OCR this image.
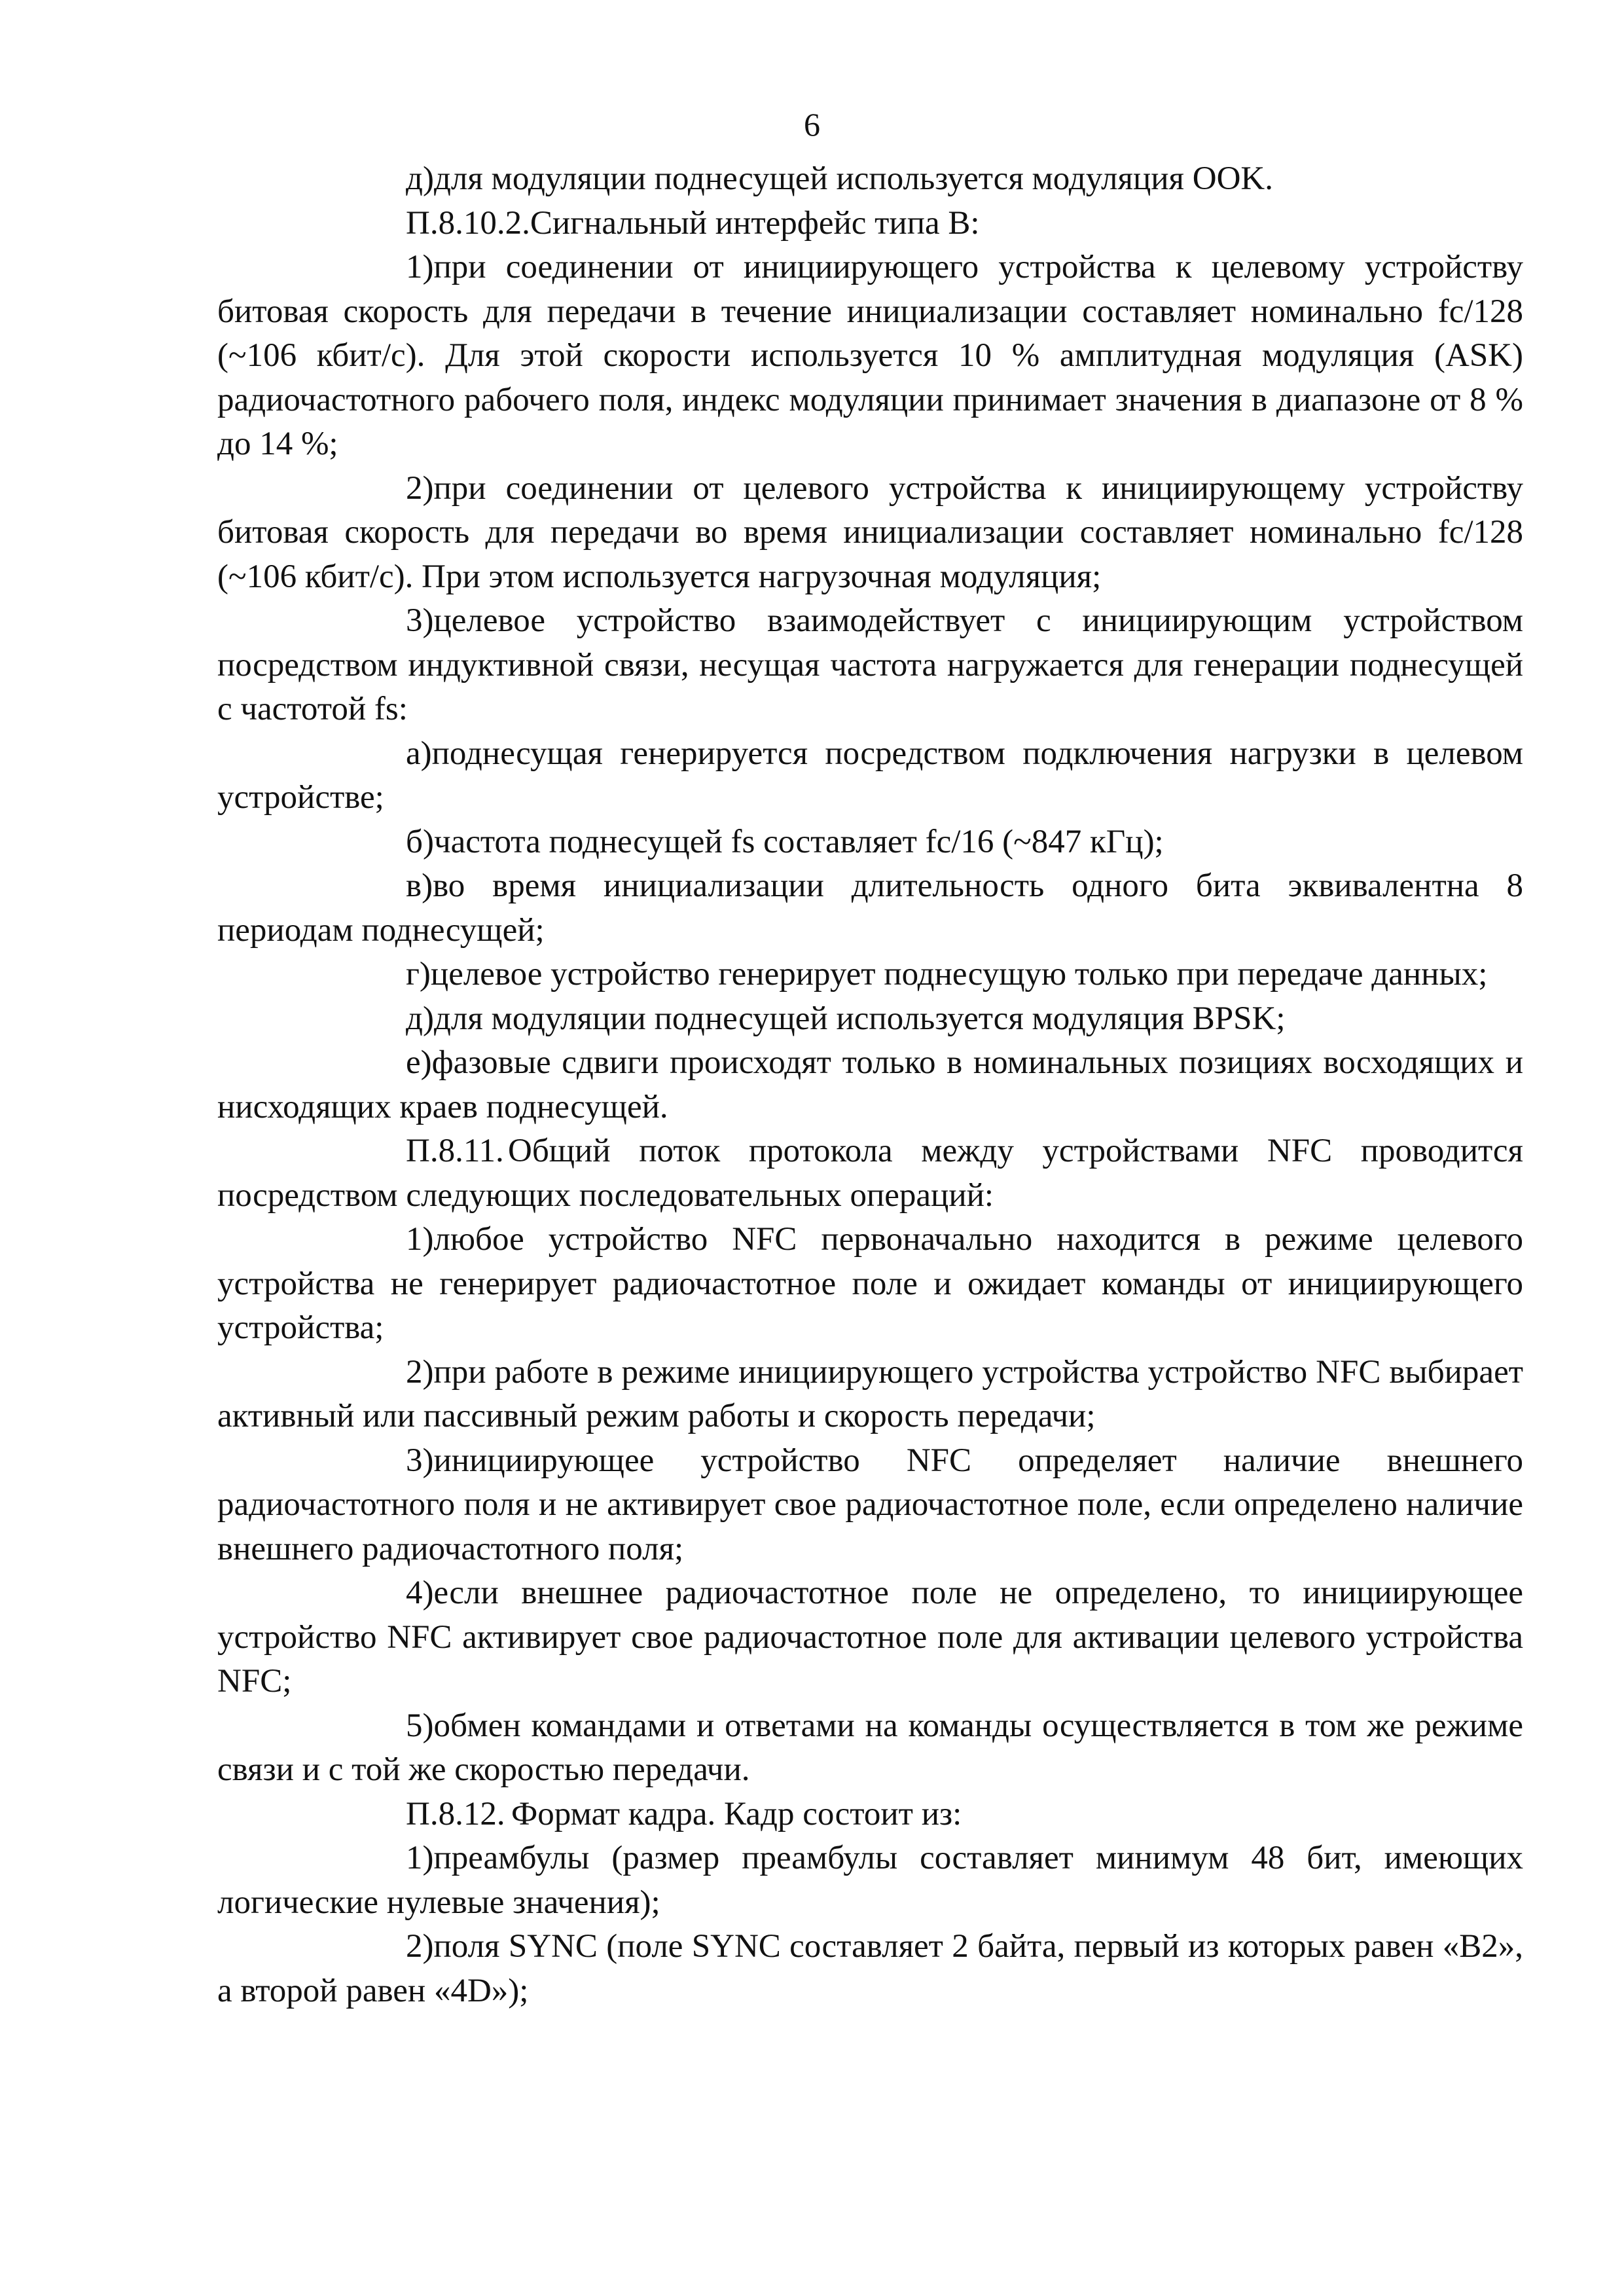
6

д)для модуляции поднесущей используется модуляция OOK.

П.8.10.2.Сигнальный интерфейс типа B:

1)при соединении от инициирующего устройства к целевому устройству битовая скорость для передачи в течение инициализации составляет номинально fc/128 (~106 кбит/с). Для этой скорости используется 10 % амплитудная модуляция (ASK) радиочастотного рабочего поля, индекс модуляции принимает значения в диапазоне от 8 % до 14 %;

2)при соединении от целевого устройства к инициирующему устройству битовая скорость для передачи во время инициализации составляет номинально fc/128 (~106 кбит/с). При этом используется нагрузочная модуляция;

3)целевое устройство взаимодействует с инициирующим устройством посредством индуктивной связи, несущая частота нагружается для генерации поднесущей с частотой fs:

а)поднесущая генерируется посредством подключения нагрузки в целевом устройстве;

б)частота поднесущей fs составляет fc/16 (~847 кГц);

в)во время инициализации длительность одного бита эквивалентна 8 периодам поднесущей;

г)целевое устройство генерирует поднесущую только при передаче данных;

д)для модуляции поднесущей используется модуляция BPSK;

е)фазовые сдвиги происходят только в номинальных позициях восходящих и нисходящих краев поднесущей.

П.8.11. Общий поток протокола между устройствами NFC проводится посредством следующих последовательных операций:

1)любое устройство NFC первоначально находится в режиме целевого устройства не генерирует радиочастотное поле и ожидает команды от инициирующего устройства;

2)при работе в режиме инициирующего устройства устройство NFC выбирает активный или пассивный режим работы и скорость передачи;

3)инициирующее устройство NFC определяет наличие внешнего радиочастотного поля и не активирует свое радиочастотное поле, если определено наличие внешнего радиочастотного поля;

4)если внешнее радиочастотное поле не определено, то инициирующее устройство NFC активирует свое радиочастотное поле для активации целевого устройства NFC;

5)обмен командами и ответами на команды осуществляется в том же режиме связи и с той же скоростью передачи.

П.8.12. Формат кадра. Кадр состоит из:

1)преамбулы (размер преамбулы составляет минимум 48 бит, имеющих логические нулевые значения);

2)поля SYNC (поле SYNC составляет 2 байта, первый из которых равен «B2», а второй равен «4D»);
